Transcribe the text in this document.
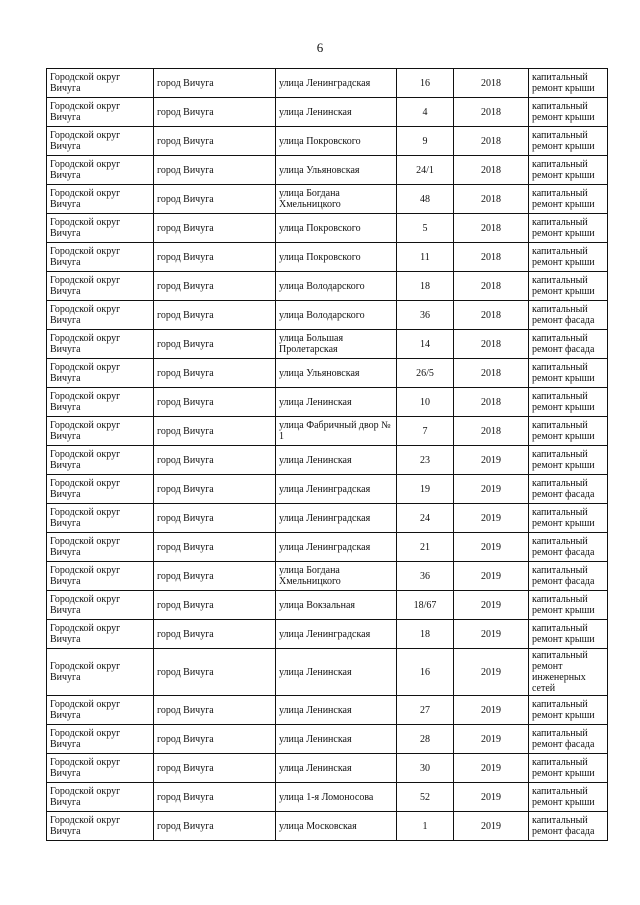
6
Городской округ Вичуга	город Вичуга	улица Ленинградская	16	2018	капитальный ремонт крыши
Городской округ Вичуга	город Вичуга	улица Ленинская	4	2018	капитальный ремонт крыши
Городской округ Вичуга	город Вичуга	улица Покровского	9	2018	капитальный ремонт крыши
Городской округ Вичуга	город Вичуга	улица Ульяновская	24/1	2018	капитальный ремонт крыши
Городской округ Вичуга	город Вичуга	улица Богдана Хмельницкого	48	2018	капитальный ремонт крыши
Городской округ Вичуга	город Вичуга	улица Покровского	5	2018	капитальный ремонт крыши
Городской округ Вичуга	город Вичуга	улица Покровского	11	2018	капитальный ремонт крыши
Городской округ Вичуга	город Вичуга	улица Володарского	18	2018	капитальный ремонт крыши
Городской округ Вичуга	город Вичуга	улица Володарского	36	2018	капитальный ремонт фасада
Городской округ Вичуга	город Вичуга	улица Большая Пролетарская	14	2018	капитальный ремонт фасада
Городской округ Вичуга	город Вичуга	улица Ульяновская	26/5	2018	капитальный ремонт крыши
Городской округ Вичуга	город Вичуга	улица Ленинская	10	2018	капитальный ремонт крыши
Городской округ Вичуга	город Вичуга	улица Фабричный двор № 1	7	2018	капитальный ремонт крыши
Городской округ Вичуга	город Вичуга	улица Ленинская	23	2019	капитальный ремонт крыши
Городской округ Вичуга	город Вичуга	улица Ленинградская	19	2019	капитальный ремонт фасада
Городской округ Вичуга	город Вичуга	улица Ленинградская	24	2019	капитальный ремонт крыши
Городской округ Вичуга	город Вичуга	улица Ленинградская	21	2019	капитальный ремонт фасада
Городской округ Вичуга	город Вичуга	улица Богдана Хмельницкого	36	2019	капитальный ремонт фасада
Городской округ Вичуга	город Вичуга	улица Вокзальная	18/67	2019	капитальный ремонт крыши
Городской округ Вичуга	город Вичуга	улица Ленинградская	18	2019	капитальный ремонт крыши
Городской округ Вичуга	город Вичуга	улица Ленинская	16	2019	капитальный ремонт инженерных сетей
Городской округ Вичуга	город Вичуга	улица Ленинская	27	2019	капитальный ремонт крыши
Городской округ Вичуга	город Вичуга	улица Ленинская	28	2019	капитальный ремонт фасада
Городской округ Вичуга	город Вичуга	улица Ленинская	30	2019	капитальный ремонт крыши
Городской округ Вичуга	город Вичуга	улица 1-я Ломоносова	52	2019	капитальный ремонт крыши
Городской округ Вичуга	город Вичуга	улица Московская	1	2019	капитальный ремонт фасада
